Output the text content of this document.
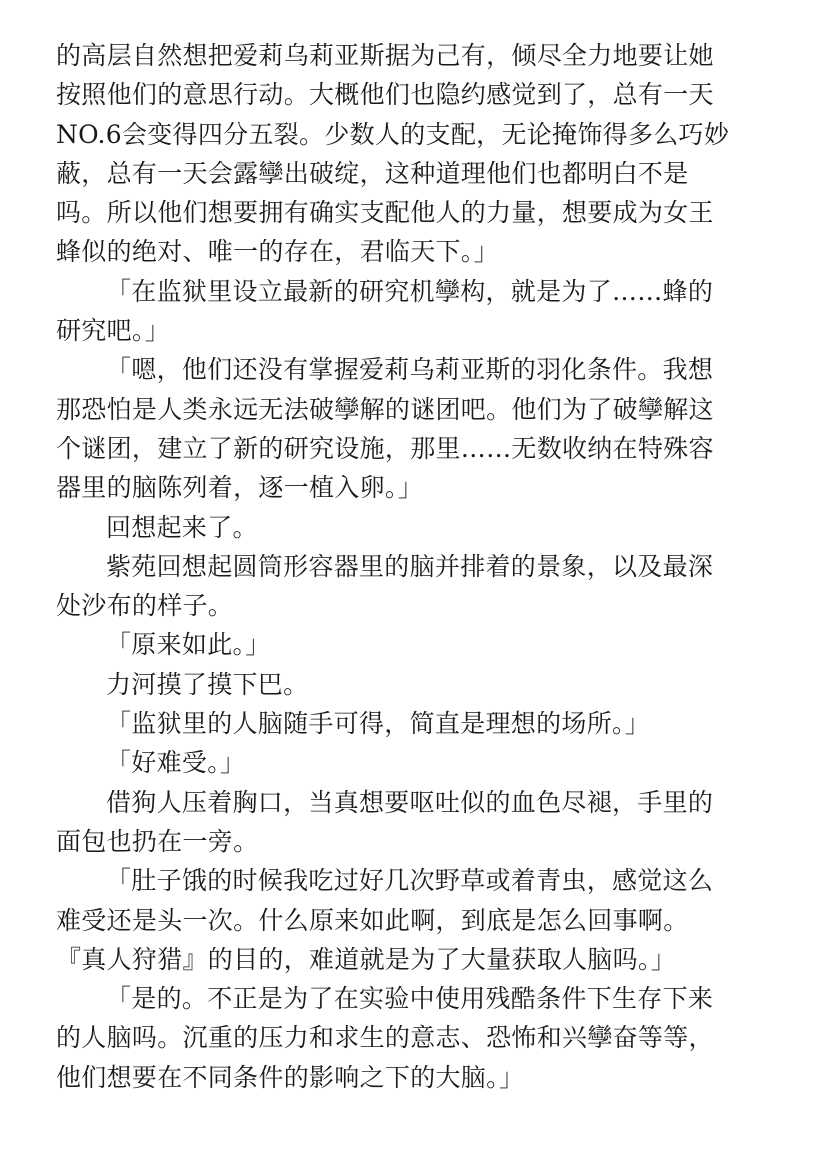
的高层自然想把爱莉乌莉亚斯据为己有，倾尽全力地要让她
按照他们的意思行动。大概他们也隐约感觉到了，总有一天
NO.6会变得四分五裂。少数人的支配，无论掩饰得多么巧妙
蔽，总有一天会露孿出破绽，这种道理他们也都明白不是
吗。所以他们想要拥有确实支配他人的力量，想要成为女王
蜂似的绝对、唯一的存在，君临天下。」
「在监狱里设立最新的研究机孿构，就是为了……蜂的
研究吧。」
「嗯，他们还没有掌握爱莉乌莉亚斯的羽化条件。我想
那恐怕是人类永远无法破孿解的谜团吧。他们为了破孿解这
个谜团，建立了新的研究设施，那里……无数收纳在特殊容
器里的脑陈列着，逐一植入卵。」
回想起来了。
紫苑回想起圆筒形容器里的脑并排着的景象，以及最深
处沙布的样子。
「原来如此。」
力河摸了摸下巴。
「监狱里的人脑随手可得，简直是理想的场所。」
「好难受。」
借狗人压着胸口，当真想要呕吐似的血色尽褪，手里的
面包也扔在一旁。
「肚子饿的时候我吃过好几次野草或着青虫，感觉这么
难受还是头一次。什么原来如此啊，到底是怎么回事啊。
『真人狩猎』的目的，难道就是为了大量获取人脑吗。」
「是的。不正是为了在实验中使用残酷条件下生存下来
的人脑吗。沉重的压力和求生的意志、恐怖和兴孿奋等等，
他们想要在不同条件的影响之下的大脑。」
